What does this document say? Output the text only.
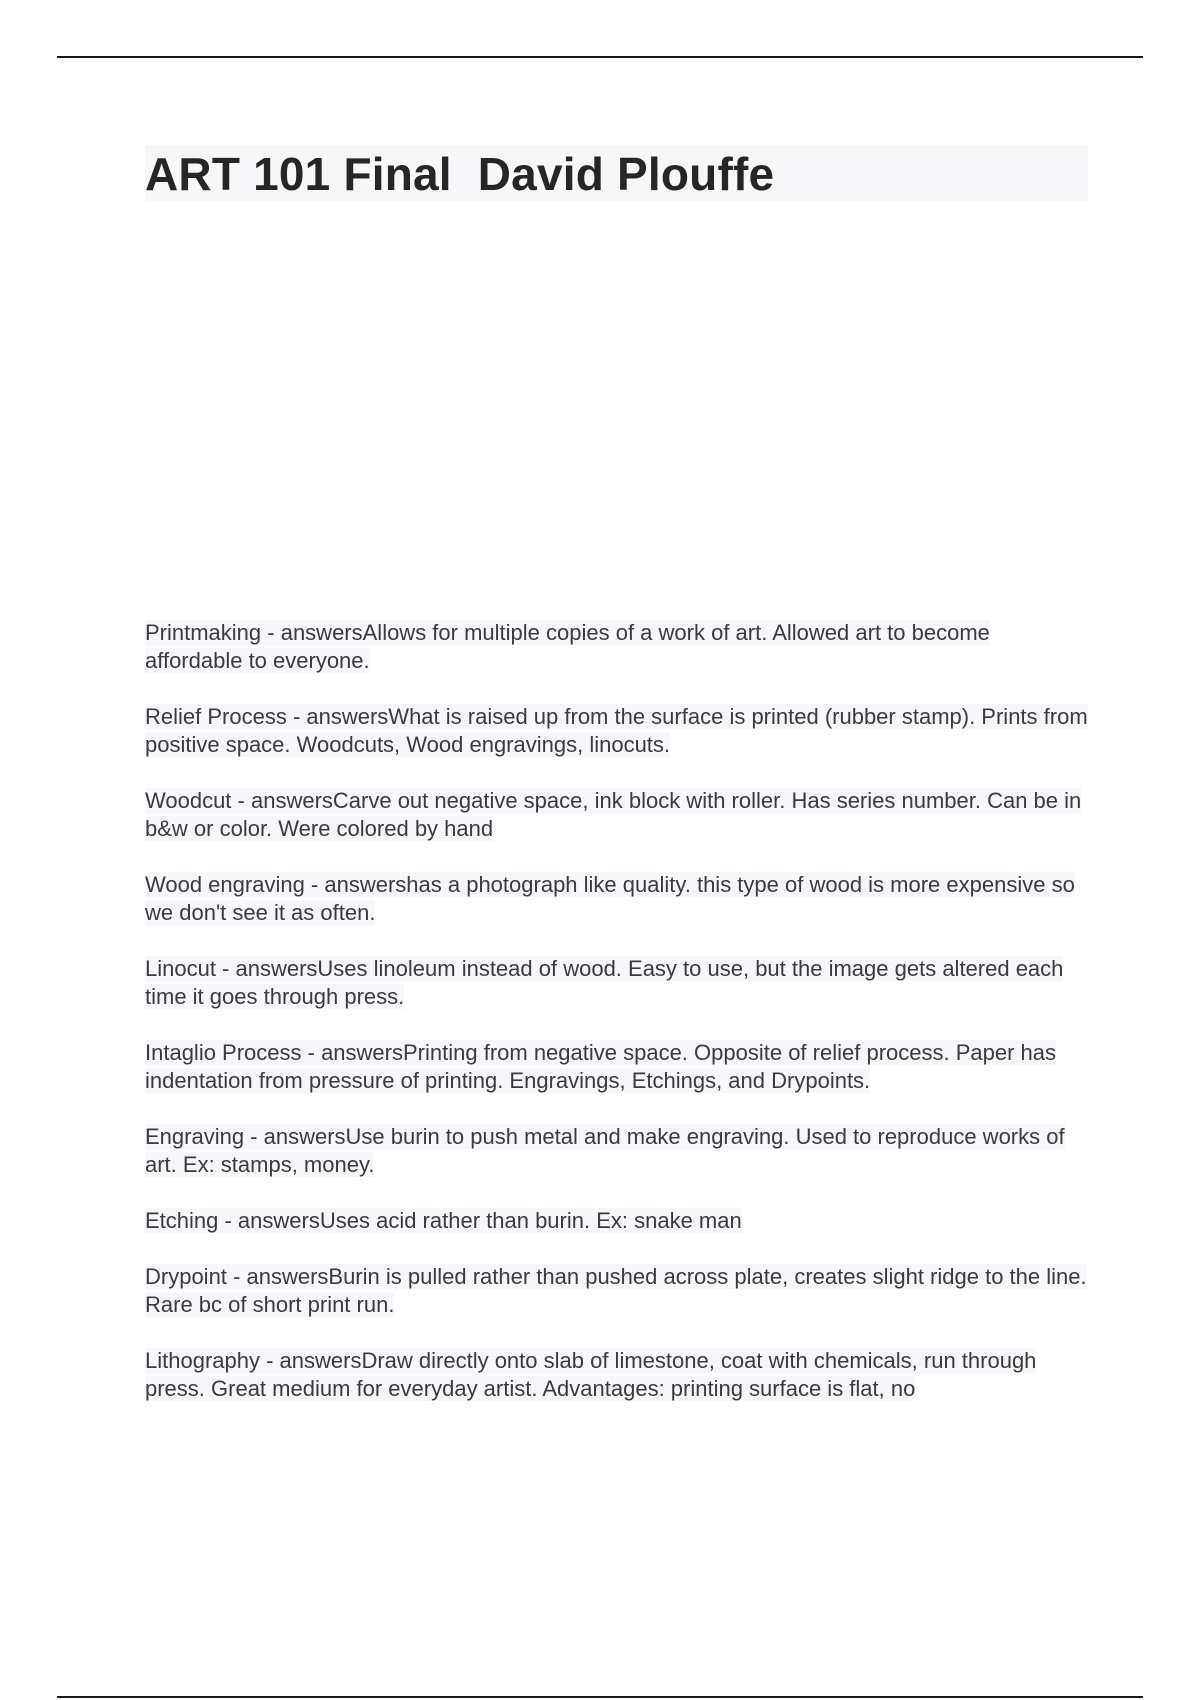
ART 101 Final  David Plouffe
Printmaking - answersAllows for multiple copies of a work of art. Allowed art to become affordable to everyone.
Relief Process - answersWhat is raised up from the surface is printed (rubber stamp). Prints from positive space. Woodcuts, Wood engravings, linocuts.
Woodcut - answersCarve out negative space, ink block with roller. Has series number. Can be in b&w or color. Were colored by hand
Wood engraving - answershas a photograph like quality. this type of wood is more expensive so we don't see it as often.
Linocut - answersUses linoleum instead of wood. Easy to use, but the image gets altered each time it goes through press.
Intaglio Process - answersPrinting from negative space. Opposite of relief process. Paper has indentation from pressure of printing. Engravings, Etchings, and Drypoints.
Engraving - answersUse burin to push metal and make engraving. Used to reproduce works of art. Ex: stamps, money.
Etching - answersUses acid rather than burin. Ex: snake man
Drypoint - answersBurin is pulled rather than pushed across plate, creates slight ridge to the line. Rare bc of short print run.
Lithography - answersDraw directly onto slab of limestone, coat with chemicals, run through press. Great medium for everyday artist. Advantages: printing surface is flat, no
